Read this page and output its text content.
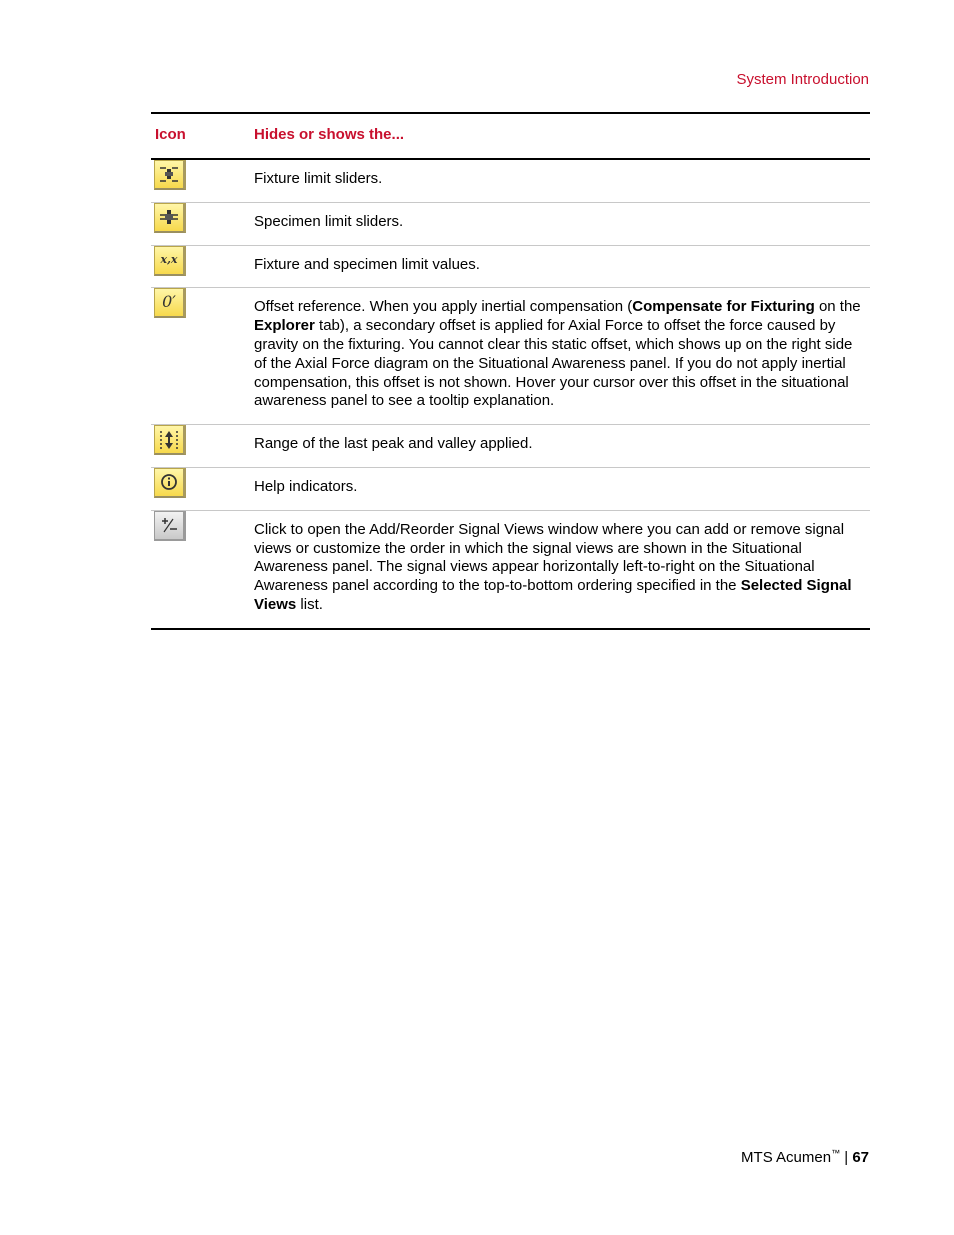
System Introduction
Icon	Hides or shows the...

	Fixture limit sliders.

	Specimen limit sliders.

x,x	Fixture and specimen limit values.

0′	Offset reference. When you apply inertial compensation (Compensate for Fixturing on the Explorer tab), a secondary offset is applied for Axial Force to offset the force caused by gravity on the fixturing. You cannot clear this static offset, which shows up on the right side of the Axial Force diagram on the Situational Awareness panel. If you do not apply inertial compensation, this offset is not shown. Hover your cursor over this offset in the situational awareness panel to see a tooltip explanation.

	Range of the last peak and valley applied.

	Help indicators.

	Click to open the Add/Reorder Signal Views window where you can add or remove signal views or customize the order in which the signal views are shown in the Situational Awareness panel. The signal views appear horizontally left-to-right on the Situational Awareness panel according to the top-to-bottom ordering specified in the Selected Signal Views list.
MTS Acumen™ | 67
